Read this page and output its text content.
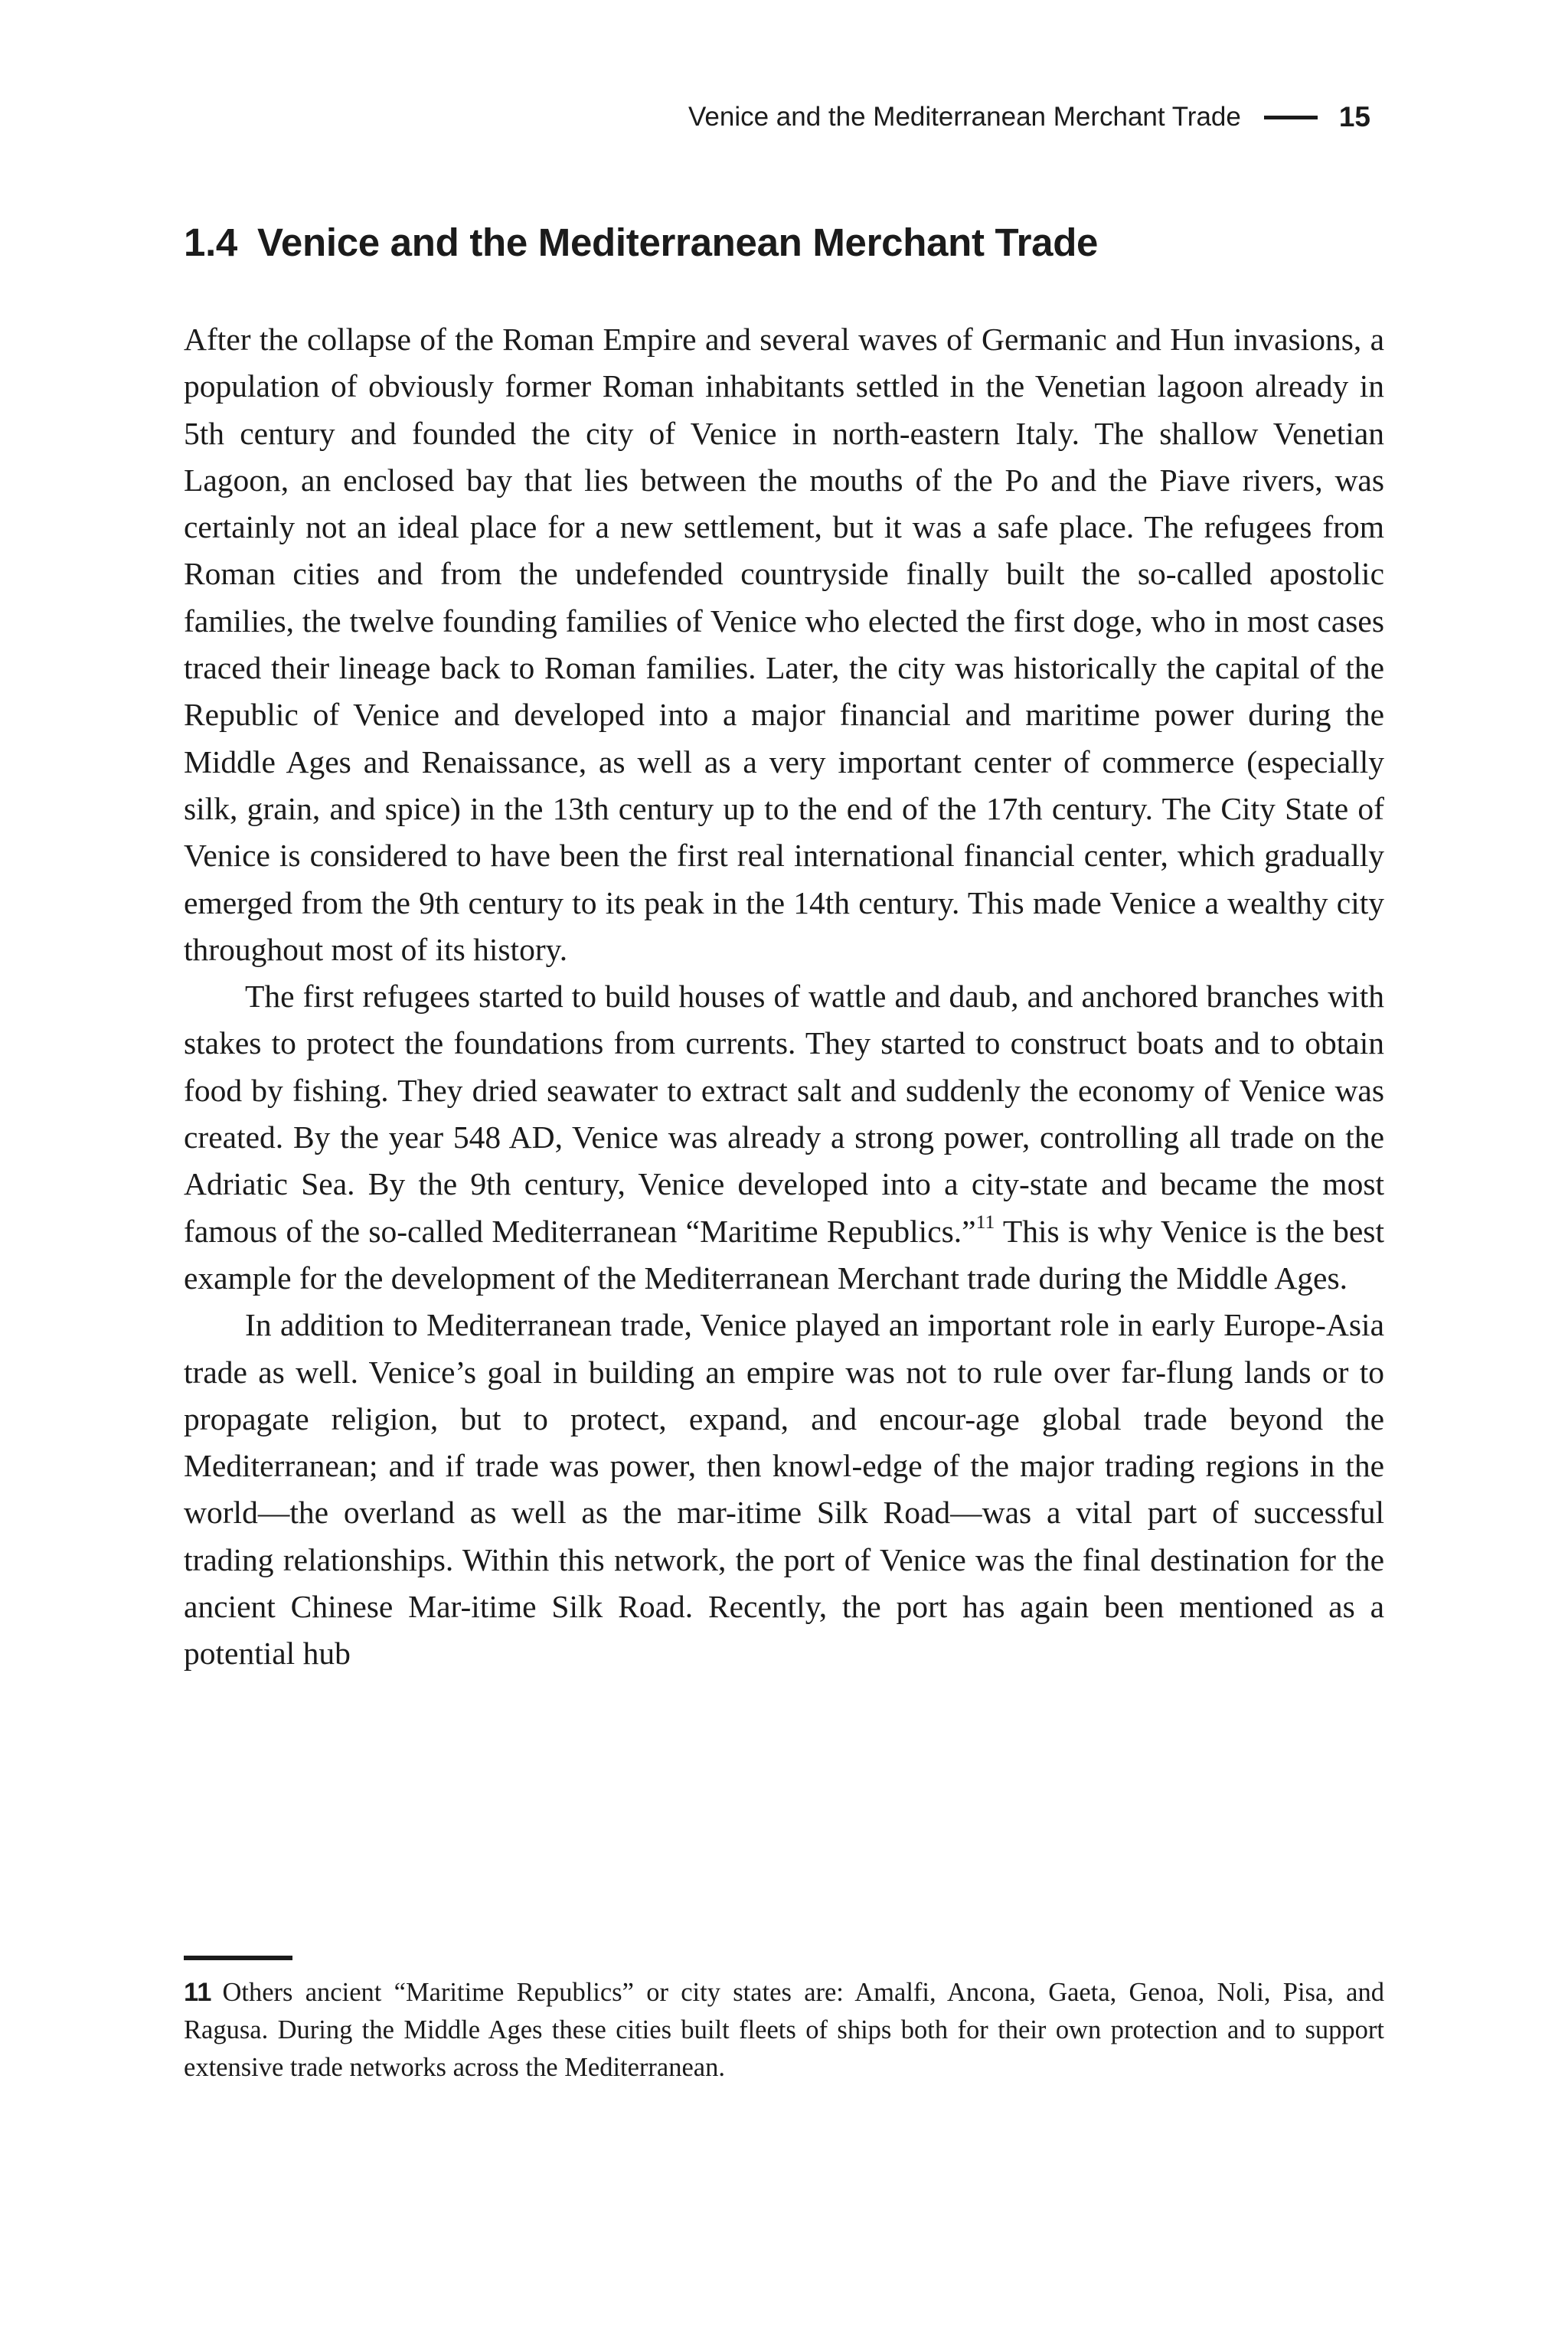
Venice and the Mediterranean Merchant Trade	15
1.4 Venice and the Mediterranean Merchant Trade

After the collapse of the Roman Empire and several waves of Germanic and Hun invasions, a population of obviously former Roman inhabitants settled in the Venetian lagoon already in 5th century and founded the city of Venice in north-eastern Italy. The shallow Venetian Lagoon, an enclosed bay that lies between the mouths of the Po and the Piave rivers, was certainly not an ideal place for a new settlement, but it was a safe place. The refugees from Roman cities and from the undefended countryside finally built the so-called apostolic families, the twelve founding families of Venice who elected the first doge, who in most cases traced their lineage back to Roman families. Later, the city was historically the capital of the Republic of Venice and developed into a major financial and maritime power during the Middle Ages and Renaissance, as well as a very important center of commerce (especially silk, grain, and spice) in the 13th century up to the end of the 17th century. The City State of Venice is considered to have been the first real international financial center, which gradually emerged from the 9th century to its peak in the 14th century. This made Venice a wealthy city throughout most of its history.

The first refugees started to build houses of wattle and daub, and anchored branches with stakes to protect the foundations from currents. They started to construct boats and to obtain food by fishing. They dried seawater to extract salt and suddenly the economy of Venice was created. By the year 548 AD, Venice was already a strong power, controlling all trade on the Adriatic Sea. By the 9th century, Venice developed into a city-state and became the most famous of the so-called Mediterranean “Maritime Republics.”$^{11}$ This is why Venice is the best example for the development of the Mediterranean Merchant trade during the Middle Ages.

In addition to Mediterranean trade, Venice played an important role in early Europe-Asia trade as well. Venice’s goal in building an empire was not to rule over far-flung lands or to propagate religion, but to protect, expand, and encour-age global trade beyond the Mediterranean; and if trade was power, then knowl-edge of the major trading regions in the world—the overland as well as the mar-itime Silk Road—was a vital part of successful trading relationships. Within this network, the port of Venice was the final destination for the ancient Chinese Mar-itime Silk Road. Recently, the port has again been mentioned as a potential hub

11 Others ancient “Maritime Republics” or city states are: Amalfi, Ancona, Gaeta, Genoa, Noli, Pisa, and Ragusa. During the Middle Ages these cities built fleets of ships both for their own protection and to support extensive trade networks across the Mediterranean.
